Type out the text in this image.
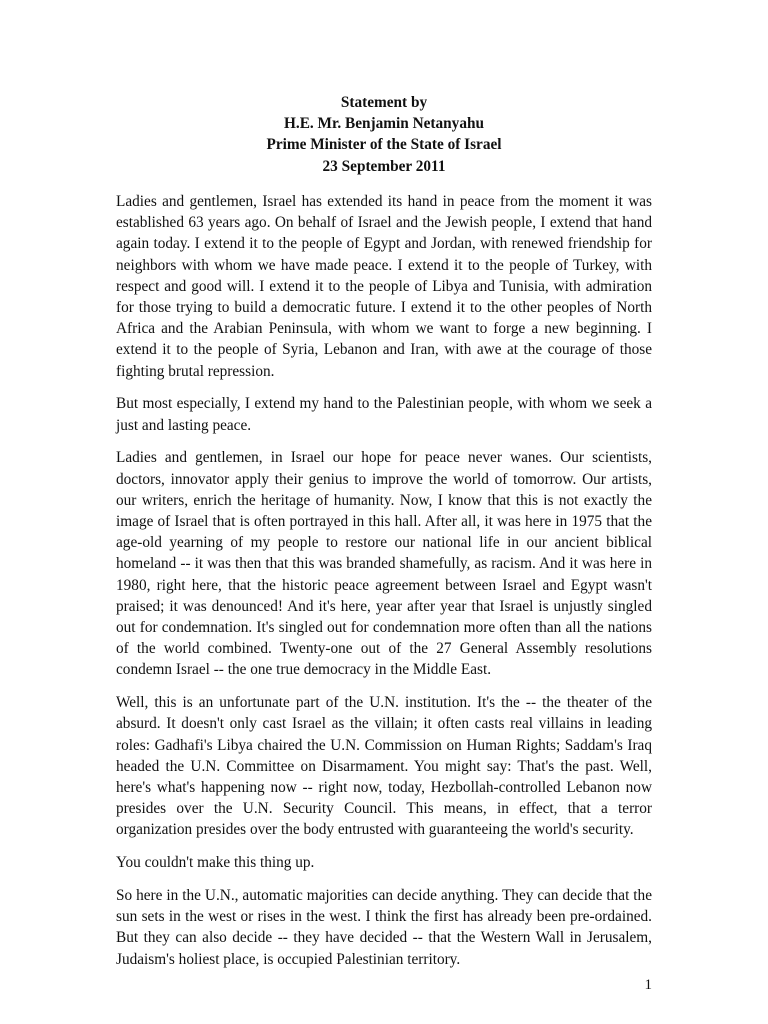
Statement by
H.E. Mr. Benjamin Netanyahu
Prime Minister of the State of Israel
23 September 2011

Ladies and gentlemen, Israel has extended its hand in peace from the moment it was established 63 years ago. On behalf of Israel and the Jewish people, I extend that hand again today. I extend it to the people of Egypt and Jordan, with renewed friendship for neighbors with whom we have made peace. I extend it to the people of Turkey, with respect and good will. I extend it to the people of Libya and Tunisia, with admiration for those trying to build a democratic future. I extend it to the other peoples of North Africa and the Arabian Peninsula, with whom we want to forge a new beginning. I extend it to the people of Syria, Lebanon and Iran, with awe at the courage of those fighting brutal repression.

But most especially, I extend my hand to the Palestinian people, with whom we seek a just and lasting peace.

Ladies and gentlemen, in Israel our hope for peace never wanes. Our scientists, doctors, innovator apply their genius to improve the world of tomorrow. Our artists, our writers, enrich the heritage of humanity. Now, I know that this is not exactly the image of Israel that is often portrayed in this hall. After all, it was here in 1975 that the age-old yearning of my people to restore our national life in our ancient biblical homeland -- it was then that this was branded shamefully, as racism. And it was here in 1980, right here, that the historic peace agreement between Israel and Egypt wasn't praised; it was denounced! And it's here, year after year that Israel is unjustly singled out for condemnation. It's singled out for condemnation more often than all the nations of the world combined. Twenty-one out of the 27 General Assembly resolutions condemn Israel -- the one true democracy in the Middle East.

Well, this is an unfortunate part of the U.N. institution. It's the -- the theater of the absurd. It doesn't only cast Israel as the villain; it often casts real villains in leading roles: Gadhafi's Libya chaired the U.N. Commission on Human Rights; Saddam's Iraq headed the U.N. Committee on Disarmament. You might say: That's the past. Well, here's what's happening now -- right now, today, Hezbollah-controlled Lebanon now presides over the U.N. Security Council. This means, in effect, that a terror organization presides over the body entrusted with guaranteeing the world's security.

You couldn't make this thing up.

So here in the U.N., automatic majorities can decide anything. They can decide that the sun sets in the west or rises in the west. I think the first has already been pre-ordained. But they can also decide -- they have decided -- that the Western Wall in Jerusalem, Judaism's holiest place, is occupied Palestinian territory.

1
